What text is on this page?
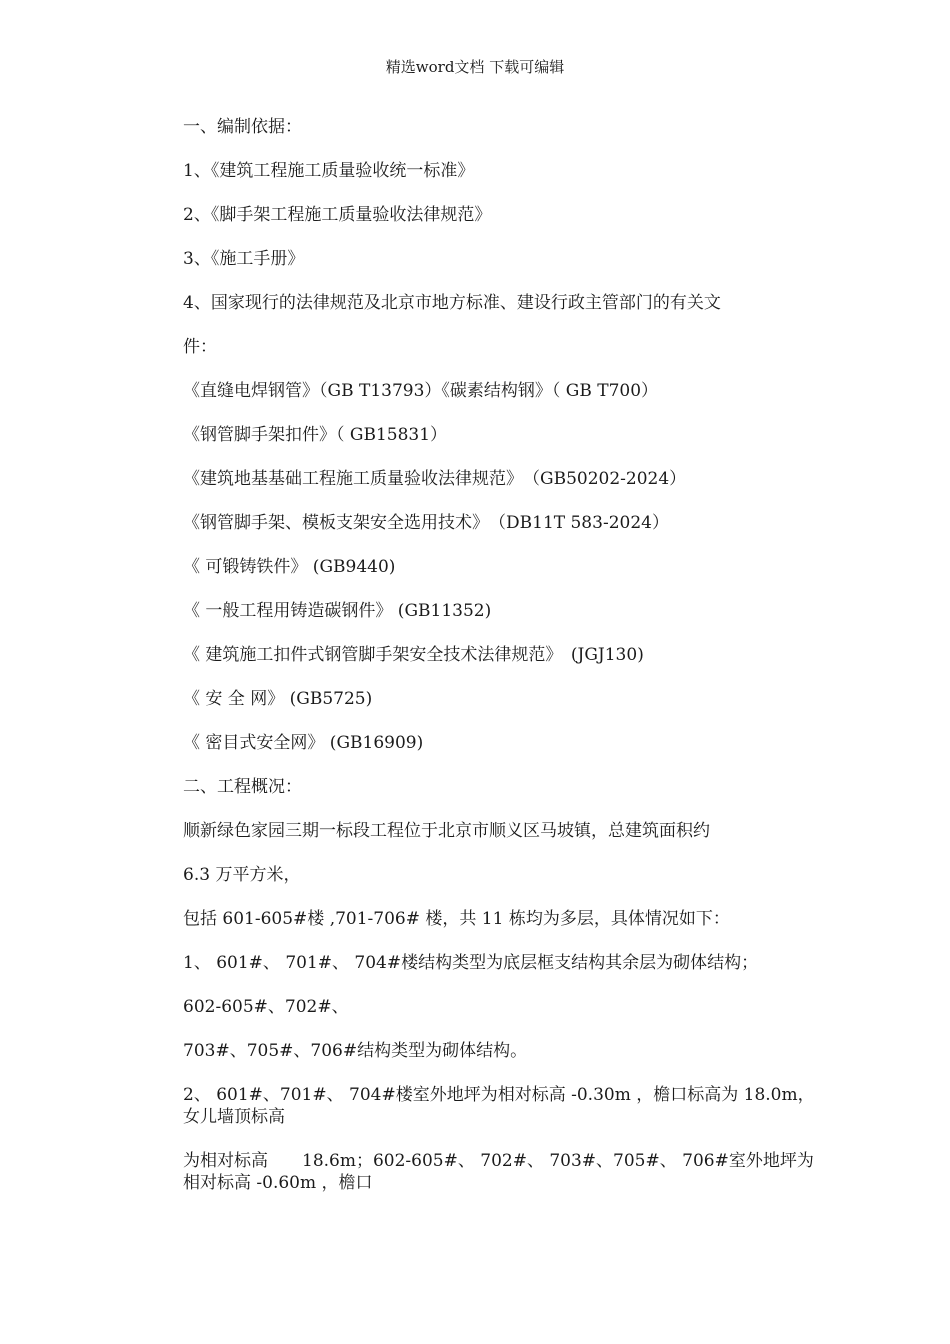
精选word文档 下载可编辑
一、编制依据：
1、《建筑工程施工质量验收统一标准》
2、《脚手架工程施工质量验收法律规范》
3、《施工手册》
4、国家现行的法律规范及北京市地方标准、建设行政主管部门的有关文
件：
《直缝电焊钢管》（GB T13793）《碳素结构钢》（ GB T700）
《钢管脚手架扣件》（ GB15831）
《建筑地基基础工程施工质量验收法律规范》　（GB50202-2024）
《钢管脚手架、模板支架安全选用技术》　（DB11T 583-2024）
《 可锻铸铁件》 (GB9440)
《 一般工程用铸造碳钢件》 (GB11352)
《 建筑施工扣件式钢管脚手架安全技术法律规范》　(JGJ130)
《 安 全 网》 (GB5725)
《 密目式安全网》 (GB16909)
二、工程概况：
顺新绿色家园三期一标段工程位于北京市顺义区马坡镇，总建筑面积约
6.3 万平方米，
包括 601-605#楼 ,701-706# 楼，共 11 栋均为多层，具体情况如下：
1、 601#、 701#、 704#楼结构类型为底层框支结构其余层为砌体结构；
602-605#、702#、
703#、705#、706#结构类型为砌体结构。
2、 601#、701#、 704#楼室外地坪为相对标高 -0.30m ，檐口标高为 18.0m，女儿墙顶标高
为相对标高　　18.6m；602-605#、 702#、 703#、705#、 706#室外地坪为相对标高 -0.60m ，檐口
